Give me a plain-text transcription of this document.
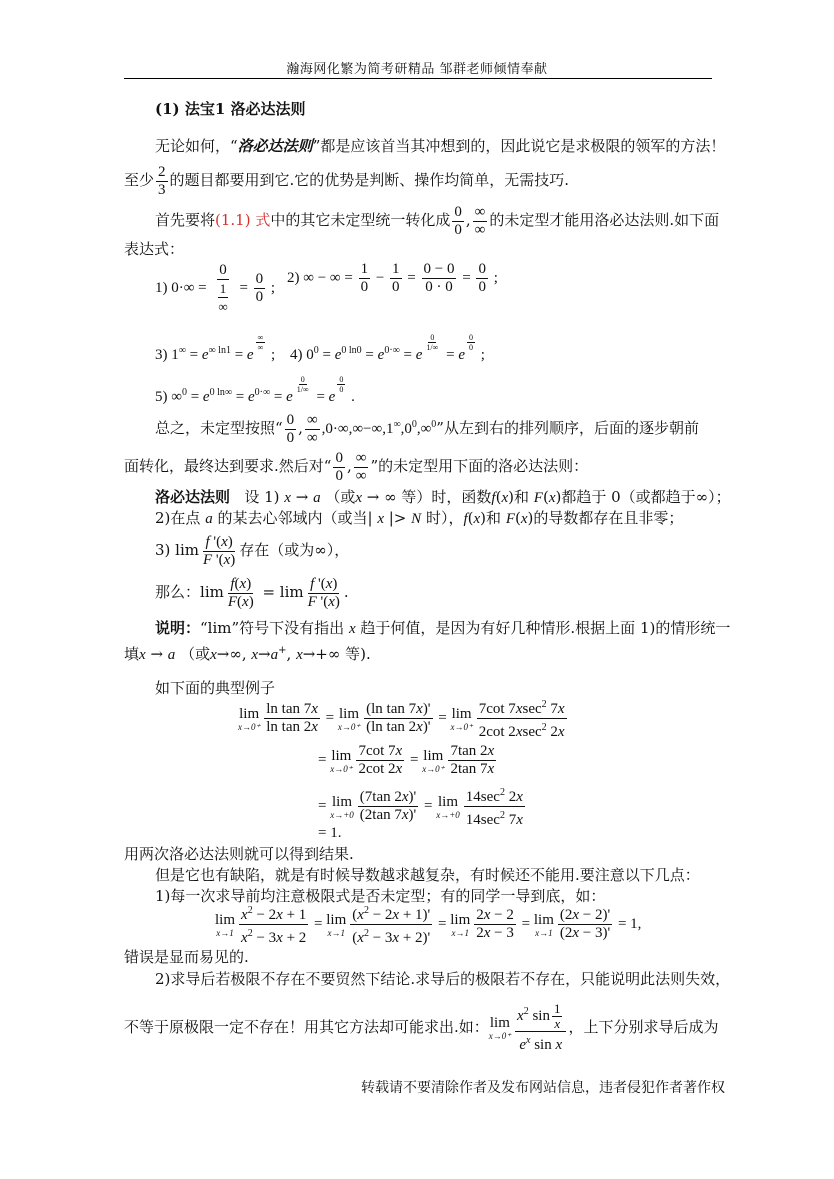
瀚海网化繁为简考研精品 邹群老师倾情奉献
(1) 法宝1 洛必达法则
无论如何，“洛必达法则”都是应该首当其冲想到的，因此说它是求极限的领军的方法！
至少 $\frac{2}{3}$ 的题目都要用到它.它的优势是判断、操作均简单，无需技巧.
首先要将(1.1) 式中的其它未定型统一转化成 $\frac{0}{0}$ , $\frac{\infty}{\infty}$ 的未定型才能用洛必达法则.如下面
表达式：
1) $0\cdot\infty = \frac{0}{\frac{1}{\infty}} = \frac{0}{0}$ ;
2) ∞ − ∞ = $\frac{1}{0} - \frac{1}{0} = \frac{0 - 0}{0 \cdot 0} = \frac{0}{0}$ ;
3) $1^\infty = e^{\infty ln1} = e$
∞
∞
; 4) $0^0 = e^{0 ln0} = e^{0\cdot\infty} = e$
$^{\frac{0}{1/\infty}}$
= e
$^{\frac{0}{0}}$
;
5) $\infty^0 = e^{0 ln\infty} = e^{0\cdot\infty} = e$
$^{\frac{0}{1/\infty}}$
= e
$^{\frac{0}{0}}$
.
总之，未定型按照“ $\frac{0}{0}$ , $\frac{\infty}{\infty} ,0\cdot\infty,\infty-\infty,1^\infty,0^0,\infty^0$”从左到右的排列顺序，后面的逐步朝前
面转化，最终达到要求.然后对“ $\frac{0}{0}$ , $\frac{\infty}{\infty}$ ”的未定型用下面的洛必达法则：
洛必达法则 设 1) x → a （或x → ∞ 等）时，函数f(x)和 F(x)都趋于 0（或都趋于∞）；
2)在点 a 的某去心邻域内（或当| x |> N 时），f(x)和 F(x)的导数都存在且非零；
3) $\lim \frac{f '(x)}{F '(x)}$ 存在（或为∞），
那么：$\lim \frac{f(x)}{F(x)} = \lim \frac{f '(x)}{F '(x)}$ .
说明：“lim”符号下没有指出 x 趋于何值，是因为有好几种情形.根据上面 1)的情形统一
填x → a （或x→∞, x→a+, x→+∞ 等).
如下面的典型例子
lim
$x\to 0^+ \frac{\text{ln tan 7x}}{\text{ln tan 2x}} = \lim$
$x\to 0^+ \frac{\text{(ln tan 7x)'}}{\text{(ln tan 2x)'}} = \lim$
$x\to 0^+ \frac{7\cot 7xsec^2 7x}{2\cot 2xsec^2 2x}$
= lim
$x\to 0^+ \frac{7\cot 7x}{2\cot 2x} = \lim$
$x\to 0^+ \frac{7\tan 2x}{2\tan 7x}$
= lim
$x\to+0 \frac{(7\tan 2x)'}{(2\tan 7x)'} = \lim$
$x\to+0 \frac{14\sec^2 2x}{14\sec^2 7x}$
= 1.
用两次洛必达法则就可以得到结果.
但是它也有缺陷，就是有时候导数越求越复杂，有时候还不能用.要注意以下几点：
1)每一次求导前均注意极限式是否未定型；有的同学一导到底，如：
lim
$x\to 1 \frac{x^2 - 2x + 1}{x^2 - 3x + 2} = \lim$
$x\to 1 \frac{(x^2 - 2x + 1)'}{(x^2 - 3x + 2)'} = \lim$
$x\to 1 \frac{2x - 2}{2x - 3} = \lim$
$x\to 1 \frac{(2x - 2)'}{(2x - 3)'} = 1$,
错误是显而易见的.
2)求导后若极限不存在不要贸然下结论.求导后的极限若不存在，只能说明此法则失效，
不等于原极限一定不存在！用其它方法却可能求出.如：lim
$x\to 0^+ \frac{x^2 \sin \frac{1}{x}}{e^x \sin x}$ ，上下分别求导后成为
转载请不要清除作者及发布网站信息，违者侵犯作者著作权
